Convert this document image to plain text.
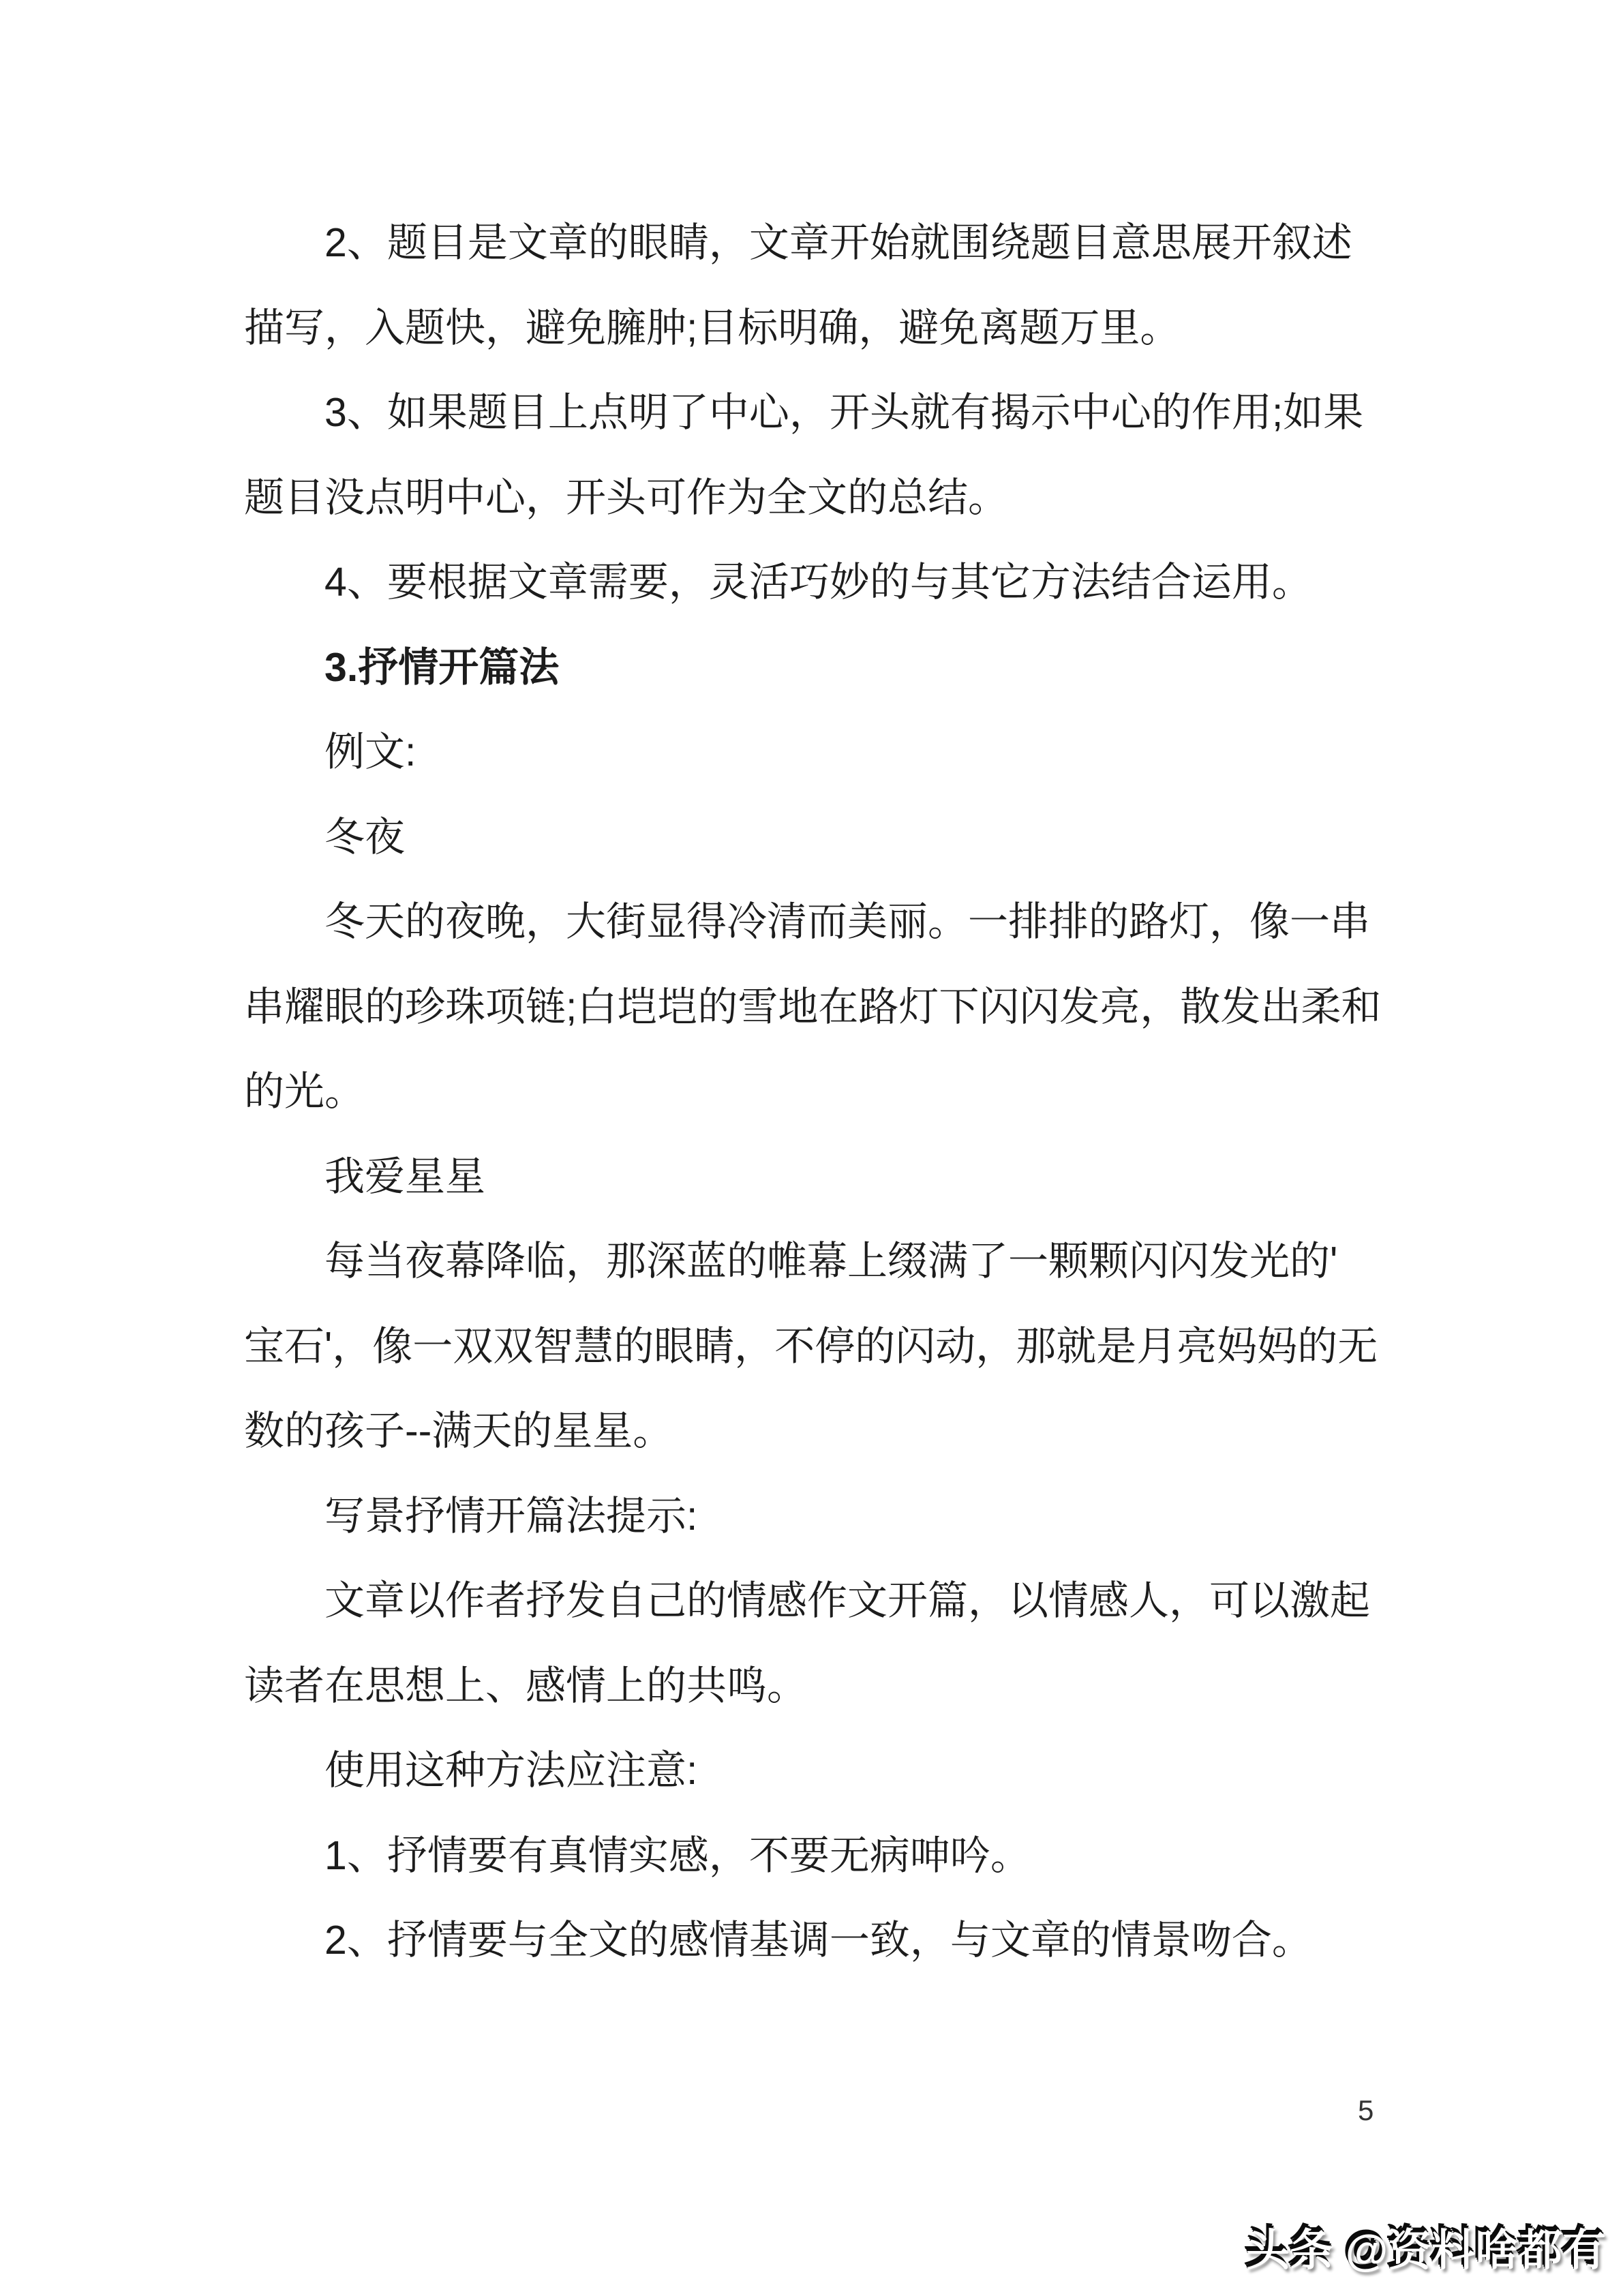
2、题目是文章的眼睛，文章开始就围绕题目意思展开叙述
描写，入题快，避免臃肿;目标明确，避免离题万里。
3、如果题目上点明了中心，开头就有揭示中心的作用;如果
题目没点明中心，开头可作为全文的总结。
4、要根据文章需要，灵活巧妙的与其它方法结合运用。
3.抒情开篇法
例文:
冬夜
冬天的夜晚，大街显得冷清而美丽。一排排的路灯，像一串
串耀眼的珍珠项链;白垲垲的雪地在路灯下闪闪发亮，散发出柔和
的光。
我爱星星
每当夜幕降临，那深蓝的帷幕上缀满了一颗颗闪闪发光的'
宝石'，像一双双智慧的眼睛，不停的闪动，那就是月亮妈妈的无
数的孩子--满天的星星。
写景抒情开篇法提示:
文章以作者抒发自己的情感作文开篇，以情感人，可以激起
读者在思想上、感情上的共鸣。
使用这种方法应注意:
1、抒情要有真情实感，不要无病呻吟。
2、抒情要与全文的感情基调一致，与文章的情景吻合。
5
头条 @资料啥都有
